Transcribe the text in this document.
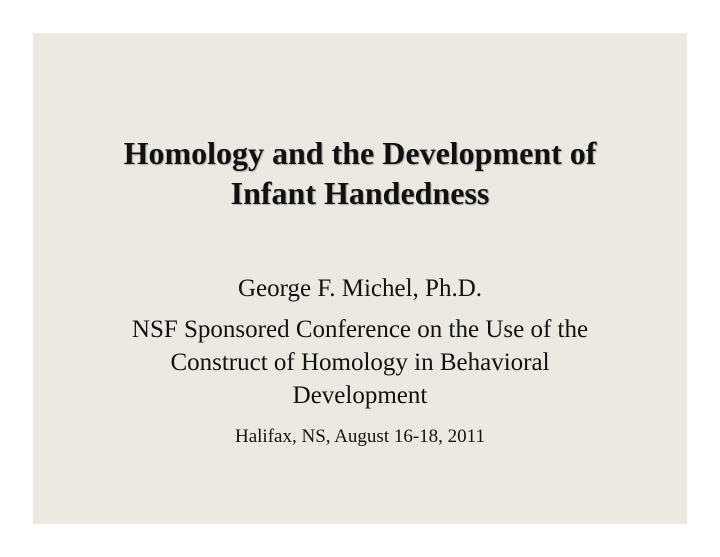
Homology and the Development of
Infant Handedness

George F. Michel, Ph.D.

NSF Sponsored Conference on the Use of the
Construct of Homology in Behavioral
Development

Halifax, NS, August 16-18, 2011
